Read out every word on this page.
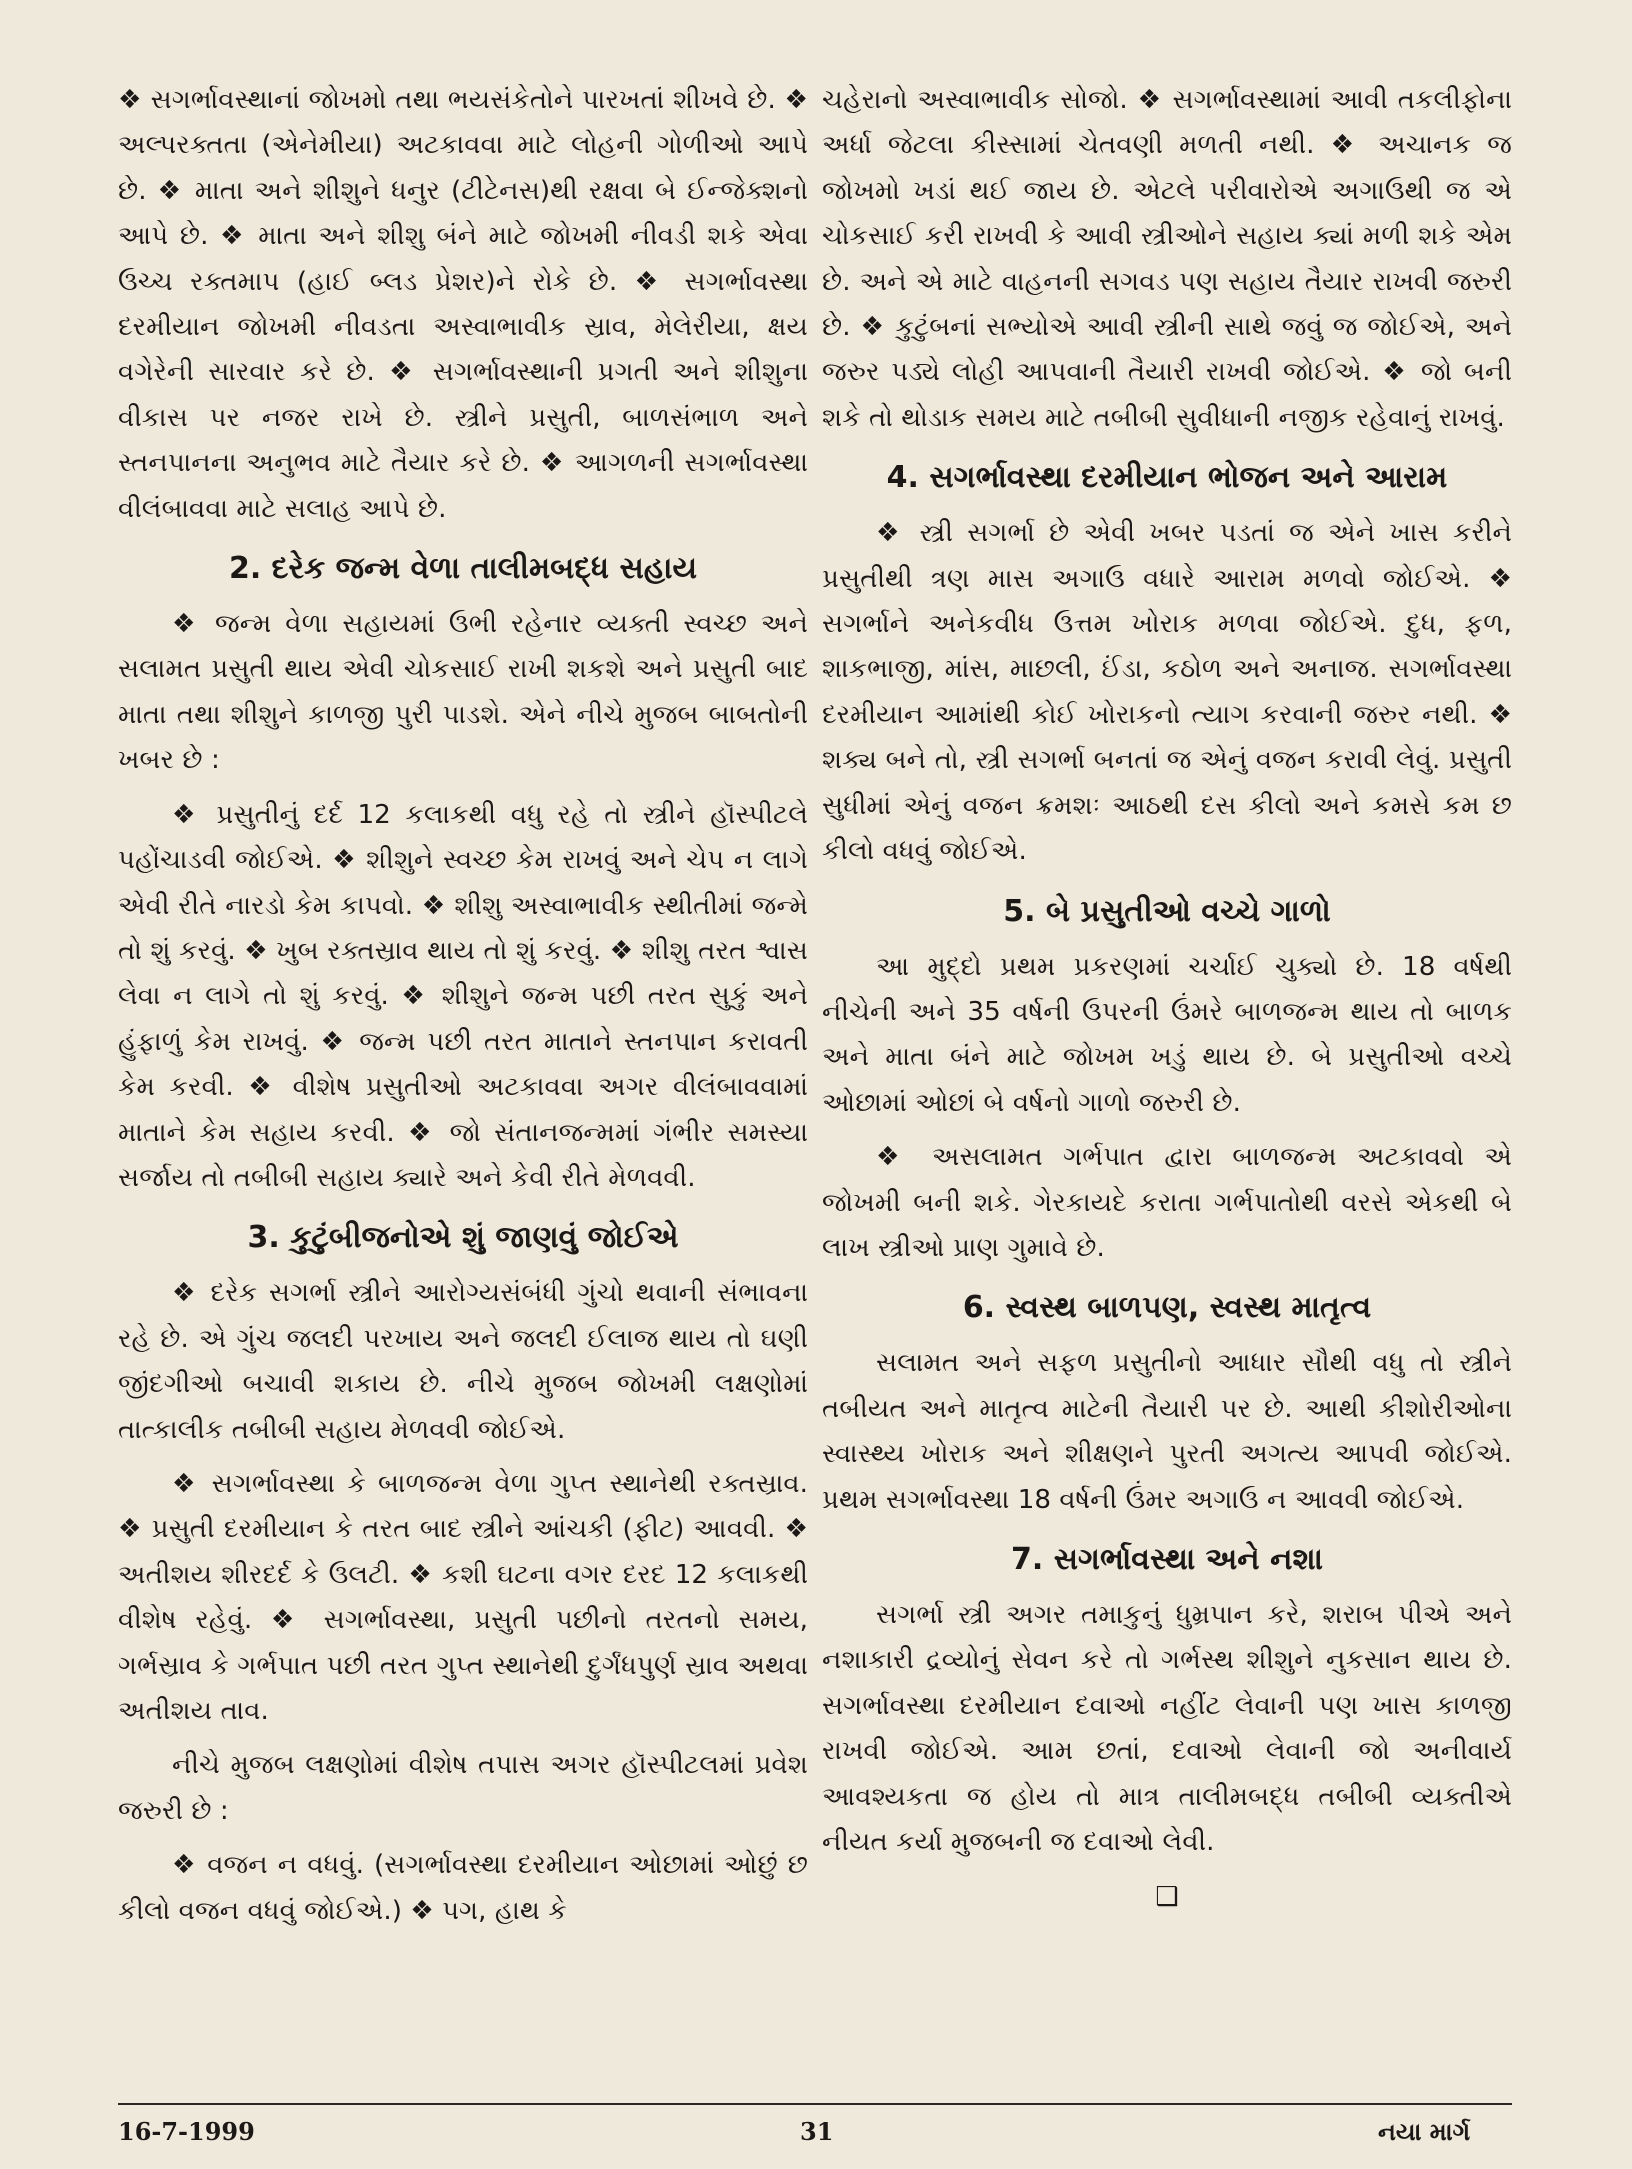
❖ સગર્ભાવસ્થાનાં જોખમો તથા ભયસંકેતોને પારખતાં શીખવે છે. ❖ અલ્પરક્તતા (એનેમીયા) અટકાવવા માટે લોહની ગોળીઓ આપે છે. ❖ માતા અને શીશુને ધનુર (ટીટેનસ)થી રક્ષવા બે ઈન્જેક્શનો આપે છે. ❖ માતા અને શીશુ બંને માટે જોખમી નીવડી શકે એવા ઉચ્ચ રક્તમાપ (હાઈ બ્લડ પ્રેશર)ને રોકે છે. ❖ સગર્ભાવસ્થા દરમીયાન જોખમી નીવડતા અસ્વાભાવીક સ્રાવ, મેલેરીયા, ક્ષય વગેરેની સારવાર કરે છે. ❖ સગર્ભાવસ્થાની પ્રગતી અને શીશુના વીકાસ પર નજર રાખે છે. સ્ત્રીને પ્રસુતી, બાળસંભાળ અને સ્તનપાનના અનુભવ માટે તૈયાર કરે છે. ❖ આગળની સગર્ભાવસ્થા વીલંબાવવા માટે સલાહ આપે છે.

2. દરેક જન્મ વેળા તાલીમબદ્ધ સહાય

❖ જન્મ વેળા સહાયમાં ઉભી રહેનાર વ્યક્તી સ્વચ્છ અને સલામત પ્રસુતી થાય એવી ચોકસાઈ રાખી શકશે અને પ્રસુતી બાદ માતા તથા શીશુને કાળજી પુરી પાડશે. એને નીચે મુજબ બાબતોની ખબર છે :

❖ પ્રસુતીનું દર્દ 12 કલાકથી વધુ રહે તો સ્ત્રીને હૉસ્પીટલે પહોંચાડવી જોઈએ. ❖ શીશુને સ્વચ્છ કેમ રાખવું અને ચેપ ન લાગે એવી રીતે નારડો કેમ કાપવો. ❖ શીશુ અસ્વાભાવીક સ્થીતીમાં જન્મે તો શું કરવું. ❖ ખુબ રક્તસ્રાવ થાય તો શું કરવું. ❖ શીશુ તરત શ્વાસ લેવા ન લાગે તો શું કરવું. ❖ શીશુને જન્મ પછી તરત સુકું અને હુંફાળું કેમ રાખવું. ❖ જન્મ પછી તરત માતાને સ્તનપાન કરાવતી કેમ કરવી. ❖ વીશેષ પ્રસુતીઓ અટકાવવા અગર વીલંબાવવામાં માતાને કેમ સહાય કરવી. ❖ જો સંતાનજન્મમાં ગંભીર સમસ્યા સર્જાય તો તબીબી સહાય ક્યારે અને કેવી રીતે મેળવવી.

3. કુટુંબીજનોએ શું જાણવું જોઈએ

❖ દરેક સગર્ભા સ્ત્રીને આરોગ્યસંબંધી ગુંચો થવાની સંભાવના રહે છે. એ ગુંચ જલદી પરખાય અને જલદી ઈલાજ થાય તો ઘણી જીંદગીઓ બચાવી શકાય છે. નીચે મુજબ જોખમી લક્ષણોમાં તાત્કાલીક તબીબી સહાય મેળવવી જોઈએ.

❖ સગર્ભાવસ્થા કે બાળજન્મ વેળા ગુપ્ત સ્થાનેથી રક્તસ્રાવ. ❖ પ્રસુતી દરમીયાન કે તરત બાદ સ્ત્રીને આંચકી (ફીટ) આવવી. ❖ અતીશય શીરદર્દ કે ઉલટી. ❖ કશી ઘટના વગર દરદ 12 કલાકથી વીશેષ રહેવું. ❖ સગર્ભાવસ્થા, પ્રસુતી પછીનો તરતનો સમય, ગર્ભસ્રાવ કે ગર્ભપાત પછી તરત ગુપ્ત સ્થાનેથી દુર્ગંધપુર્ણ સ્રાવ અથવા અતીશય તાવ.

નીચે મુજબ લક્ષણોમાં વીશેષ તપાસ અગર હૉસ્પીટલમાં પ્રવેશ જરુરી છે :

❖ વજન ન વધવું. (સગર્ભાવસ્થા દરમીયાન ઓછામાં ઓછું છ કીલો વજન વધવું જોઈએ.) ❖ પગ, હાથ કે

ચહેરાનો અસ્વાભાવીક સોજો. ❖ સગર્ભાવસ્થામાં આવી તકલીફોના અર્ધા જેટલા કીસ્સામાં ચેતવણી મળતી નથી. ❖ અચાનક જ જોખમો ખડાં થઈ જાય છે. એટલે પરીવારોએ અગાઉથી જ એ ચોકસાઈ કરી રાખવી કે આવી સ્ત્રીઓને સહાય ક્યાં મળી શકે એમ છે. અને એ માટે વાહનની સગવડ પણ સહાય તૈયાર રાખવી જરુરી છે. ❖ કુટુંબનાં સભ્યોએ આવી સ્ત્રીની સાથે જવું જ જોઈએ, અને જરુર પડ્યે લોહી આપવાની તૈયારી રાખવી જોઈએ. ❖ જો બની શકે તો થોડાક સમય માટે તબીબી સુવીધાની નજીક રહેવાનું રાખવું.

4. સગર્ભાવસ્થા દરમીયાન ભોજન અને આરામ

❖ સ્ત્રી સગર્ભા છે એવી ખબર પડતાં જ એને ખાસ કરીને પ્રસુતીથી ત્રણ માસ અગાઉ વધારે આરામ મળવો જોઈએ. ❖ સગર્ભાને અનેકવીધ ઉત્તમ ખોરાક મળવા જોઈએ. દુધ, ફળ, શાકભાજી, માંસ, માછલી, ઈંડા, કઠોળ અને અનાજ. સગર્ભાવસ્થા દરમીયાન આમાંથી કોઈ ખોરાકનો ત્યાગ કરવાની જરુર નથી. ❖ શક્ય બને તો, સ્ત્રી સગર્ભા બનતાં જ એનું વજન કરાવી લેવું. પ્રસુતી સુધીમાં એનું વજન ક્રમશઃ આઠથી દસ કીલો અને કમસે કમ છ કીલો વધવું જોઈએ.

5. બે પ્રસુતીઓ વચ્ચે ગાળો

આ મુદ્દો પ્રથમ પ્રકરણમાં ચર્ચાઈ ચુક્યો છે. 18 વર્ષથી નીચેની અને 35 વર્ષની ઉપરની ઉંમરે બાળજન્મ થાય તો બાળક અને માતા બંને માટે જોખમ ખડું થાય છે. બે પ્રસુતીઓ વચ્ચે ઓછામાં ઓછાં બે વર્ષનો ગાળો જરુરી છે.

❖ અસલામત ગર્ભપાત દ્વારા બાળજન્મ અટકાવવો એ જોખમી બની શકે. ગેરકાયદે કરાતા ગર્ભપાતોથી વરસે એકથી બે લાખ સ્ત્રીઓ પ્રાણ ગુમાવે છે.

6. સ્વસ્થ બાળપણ, સ્વસ્થ માતૃત્વ

સલામત અને સફળ પ્રસુતીનો આધાર સૌથી વધુ તો સ્ત્રીને તબીયત અને માતૃત્વ માટેની તૈયારી પર છે. આથી કીશોરીઓના સ્વાસ્થ્ય ખોરાક અને શીક્ષણને પુરતી અગત્ય આપવી જોઈએ. પ્રથમ સગર્ભાવસ્થા 18 વર્ષની ઉંમર અગાઉ ન આવવી જોઈએ.

7. સગર્ભાવસ્થા અને નશા

સગર્ભા સ્ત્રી અગર તમાકુનું ધુમ્રપાન કરે, શરાબ પીએ અને નશાકારી દ્રવ્યોનું સેવન કરે તો ગર્ભસ્થ શીશુને નુકસાન થાય છે. સગર્ભાવસ્થા દરમીયાન દવાઓ નહીંટ લેવાની પણ ખાસ કાળજી રાખવી જોઈએ. આમ છતાં, દવાઓ લેવાની જો અનીવાર્ય આવશ્યકતા જ હોય તો માત્ર તાલીમબદ્ધ તબીબી વ્યક્તીએ નીયત કર્યા મુજબની જ દવાઓ લેવી.

❑
16-7-1999	31	નયા માર્ગ
